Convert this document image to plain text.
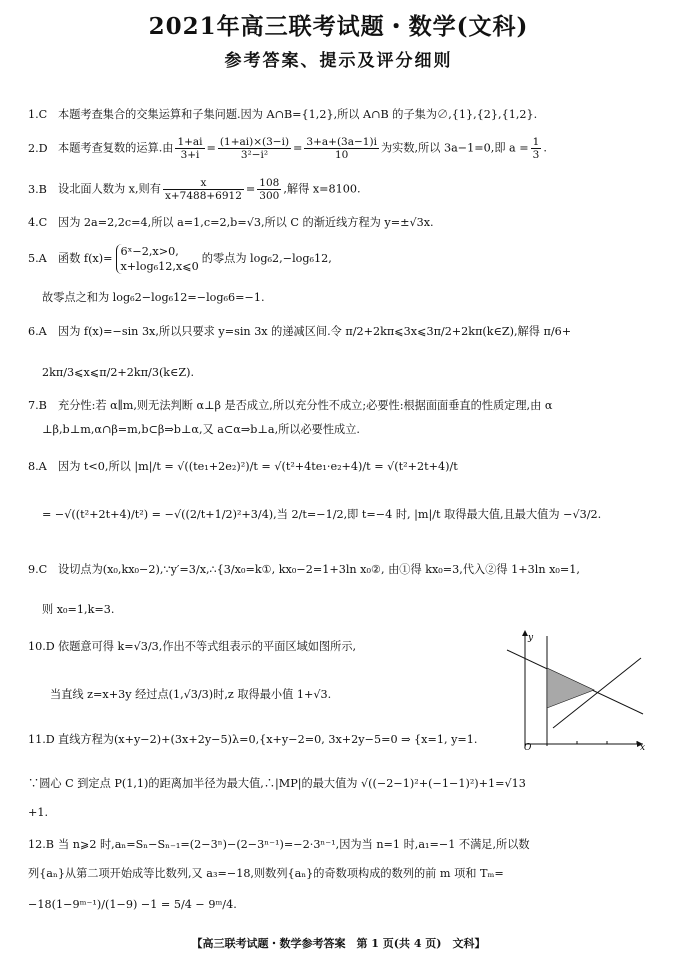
2021年高三联考试题・数学(文科)
参考答案、提示及评分细则
1.C 本题考查集合的交集运算和子集问题.因为 A∩B={1,2},所以 A∩B 的子集为∅,{1},{2},{1,2}.
2.D 本题考查复数的运算.由 $\frac{1+ai}{3+i} = \frac{(1+ai)\times(3-i)}{\text{3²−i²}} = \frac{3+a+(3a-1)i}{10}$ 为实数,所以 3a−1=0,即 $a = \frac{1}{3}$ .
3.B 设北面人数为 x,则有 $\frac{x}{x+7488+6912} = \frac{108}{300}$ ,解得 x=8100.
4.C 因为 2a=2,2c=4,所以 a=1,c=2,b=√3,所以 C 的渐近线方程为 y=±√3x.
5.A 函数 f(x)=
6ˣ−2,x>0,
x+log₆12,x⩽0
的零点为 log₆2,−log₆12,
故零点之和为 log₆2−log₆12=−log₆6=−1.
6.A 因为 f(x)=−sin 3x,所以只要求 y=sin 3x 的递减区间.令 π/2+2kπ⩽3x⩽3π/2+2kπ(k∈Z),解得 π/6+
2kπ/3⩽x⩽π/2+2kπ/3(k∈Z).
7.B 充分性:若 α∥m,则无法判断 α⊥β 是否成立,所以充分性不成立;必要性:根据面面垂直的性质定理,由 α
⊥β,b⊥m,α∩β=m,b⊂β⇒b⊥α,又 a⊂α⇒b⊥a,所以必要性成立.
8.A 因为 t<0,所以 |m|/t = √((te₁+2e₂)²)/t = √(t²+4te₁·e₂+4)/t = √(t²+2t+4)/t
= −√((t²+2t+4)/t²) = −√((2/t+1/2)²+3/4),当 2/t=−1/2,即 t=−4 时, |m|/t 取得最大值,且最大值为 −√3/2.
9.C 设切点为(x₀,kx₀−2),∵y′=3/x,∴{3/x₀=k①, kx₀−2=1+3ln x₀②, 由①得 kx₀=3,代入②得 1+3ln x₀=1,
则 x₀=1,k=3.
10.D 依题意可得 k=√3/3,作出不等式组表示的平面区域如图所示,
当直线 z=x+3y 经过点(1,√3/3)时,z 取得最小值 1+√3.
y
x
O
11.D 直线方程为(x+y−2)+(3x+2y−5)λ=0,{x+y−2=0, 3x+2y−5=0 ⇒ {x=1, y=1.
∵圆心 C 到定点 P(1,1)的距离加半径为最大值,∴|MP|的最大值为 √((−2−1)²+(−1−1)²)+1=√13
+1.
12.B 当 n⩾2 时,aₙ=Sₙ−Sₙ₋₁=(2−3ⁿ)−(2−3ⁿ⁻¹)=−2·3ⁿ⁻¹,因为当 n=1 时,a₁=−1 不满足,所以数
列{aₙ}从第二项开始成等比数列,又 a₃=−18,则数列{aₙ}的奇数项构成的数列的前 m 项和 Tₘ=
−18(1−9ᵐ⁻¹)/(1−9) −1 = 5/4 − 9ᵐ/4.
【高三联考试题・数学参考答案　第 1 页(共 4 页)　文科】
